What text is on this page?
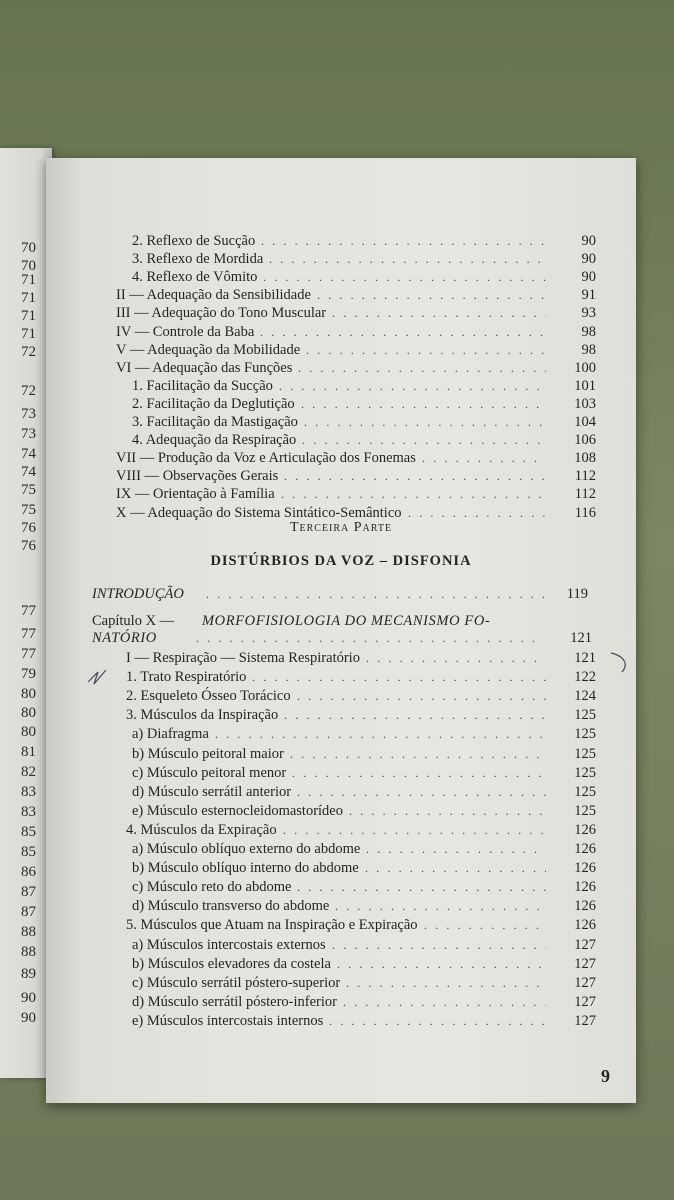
70
70
71
71
71
71
72
72
73
73
74
74
75
75
76
76
77
77
77
79
80
80
80
81
82
83
83
85
85
86
87
87
88
88
89
90
90
2. Reflexo de Sucção . . .	90
3. Reflexo de Mordida . . .	90
4. Reflexo de Vômito . . .	90
II — Adequação da Sensibilidade . . .	91
III — Adequação do Tono Muscular . . .	93
IV — Controle da Baba . . .	98
V — Adequação da Mobilidade . . .	98
VI — Adequação das Funções . . .	100
1. Facilitação da Sucção . . .	101
2. Facilitação da Deglutição . . .	103
3. Facilitação da Mastigação . . .	104
4. Adequação da Respiração . . .	106
VII — Produção da Voz e Articulação dos Fonemas . . .	108
VIII — Observações Gerais . . .	112
IX — Orientação à Família . . .	112
X — Adequação do Sistema Sintático-Semântico . . .	116
Terceira Parte
DISTÚRBIOS DA VOZ – DISFONIA
INTRODUÇÃO . . .	119
Capítulo X — MORFOFISIOLOGIA DO MECANISMO FO-
NATÓRIO . . .	121
I — Respiração — Sistema Respiratório . . .	121
1. Trato Respiratório . . .	122
2. Esqueleto Ósseo Torácico . . .	124
3. Músculos da Inspiração . . .	125
a) Diafragma . . .	125
b) Músculo peitoral maior . . .	125
c) Músculo peitoral menor . . .	125
d) Músculo serrátil anterior . . .	125
e) Músculo esternocleidomastorídeo . . .	125
4. Músculos da Expiração . . .	126
a) Músculo oblíquo externo do abdome . . .	126
b) Músculo oblíquo interno do abdome . . .	126
c) Músculo reto do abdome . . .	126
d) Músculo transverso do abdome . . .	126
5. Músculos que Atuam na Inspiração e Expiração . . .	126
a) Músculos intercostais externos . . .	127
b) Músculos elevadores da costela . . .	127
c) Músculo serrátil póstero-superior . . .	127
d) Músculo serrátil póstero-inferior . . .	127
e) Músculos intercostais internos . . .	127
9
